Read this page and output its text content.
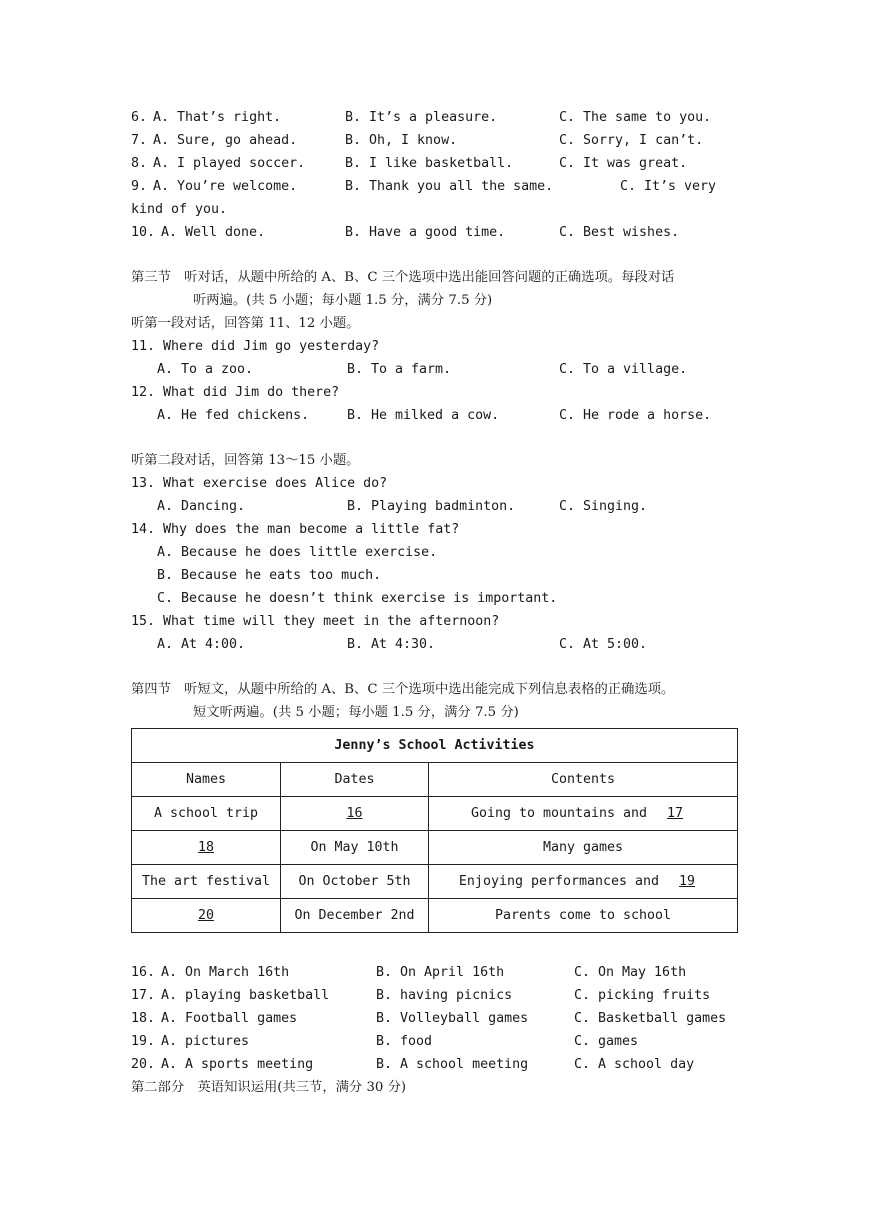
6. A. That’s right.	B. It’s a pleasure.	C. The same to you.
7. A. Sure, go ahead.	B. Oh, I know.	C. Sorry, I can’t.
8. A. I played soccer.	B. I like basketball.	C. It was great.
9. A. You’re welcome.	B. Thank you all the same.	C. It’s very
kind of you.
10. A. Well done.	B. Have a good time.	C. Best wishes.
第三节　听对话，从题中所给的 A、B、C 三个选项中选出能回答问题的正确选项。每段对话
听两遍。(共 5 小题；每小题 1.5 分，满分 7.5 分)
听第一段对话，回答第 11、12 小题。
11. Where did Jim go yesterday?
A. To a zoo.	B. To a farm.	C. To a village.
12. What did Jim do there?
A. He fed chickens.	B. He milked a cow.	C. He rode a horse.
听第二段对话，回答第 13～15 小题。
13. What exercise does Alice do?
A. Dancing.	B. Playing badminton.	C. Singing.
14. Why does the man become a little fat?
A. Because he does little exercise.
B. Because he eats too much.
C. Because he doesn’t think exercise is important.
15. What time will they meet in the afternoon?
A. At 4:00.	B. At 4:30.	C. At 5:00.
第四节　听短文，从题中所给的 A、B、C 三个选项中选出能完成下列信息表格的正确选项。
短文听两遍。(共 5 小题；每小题 1.5 分，满分 7.5 分)
Jenny’s School Activities		
Names	Dates	Contents
A school trip	16	Going to mountains and 17
18	On May 10th	Many games
The art festival	On October 5th	Enjoying performances and 19
20	On December 2nd	Parents come to school
16. A. On March 16th	B. On April 16th	C. On May 16th
17. A. playing basketball	B. having picnics	C. picking fruits
18. A. Football games	B. Volleyball games	C. Basketball games
19. A. pictures	B. food	C. games
20. A. A sports meeting	B. A school meeting	C. A school day
第二部分　英语知识运用(共三节，满分 30 分)
